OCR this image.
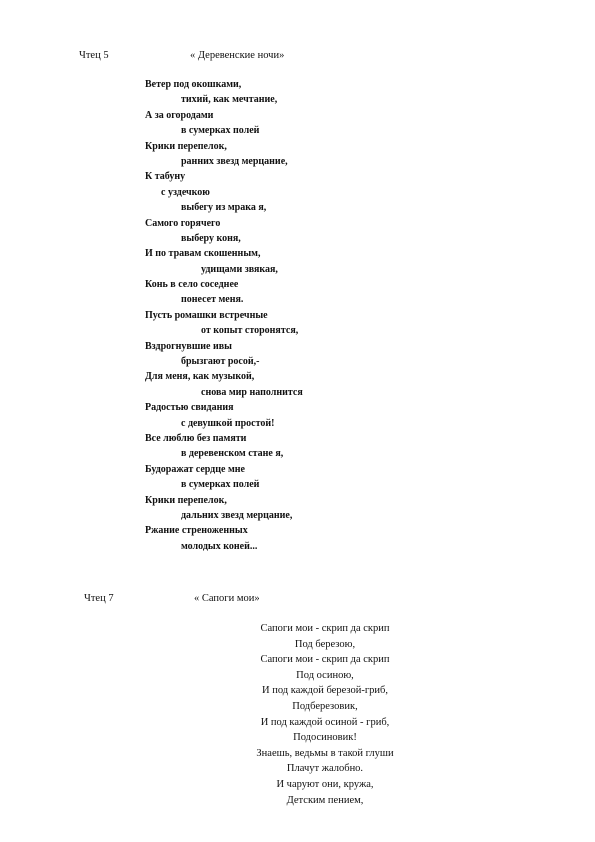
Чтец 5	« Деревенские ночи»
Ветер под окошками,
тихий, как мечтание,
А за огородами
в сумерках полей
Крики перепелок,
ранних звезд мерцание,
К табуну
с уздечкою
выбегу из мрака я,
Самого горячего
выберу коня,
И по травам скошенным,
удищами звякая,
Конь в село соседнее
понесет меня.
Пусть ромашки встречные
от копыт сторонятся,
Вздрогнувшие ивы
брызгают росой,-
Для меня, как музыкой,
снова мир наполнится
Радостью свидания
с девушкой простой!
Все люблю без памяти
в деревенском стане я,
Будоражат сердце мне
в сумерках полей
Крики перепелок,
дальних звезд мерцание,
Ржание стреноженных
молодых коней...
Чтец 7	« Сапоги мои»
Сапоги мои - скрип да скрип
Под березою,
Сапоги мои - скрип да скрип
Под осиною,
И под каждой березой-гриб,
Подберезовик,
И под каждой осиной - гриб,
Подосиновик!
Знаешь, ведьмы в такой глуши
Плачут жалобно.
И чаруют они, кружа,
Детским пением,
